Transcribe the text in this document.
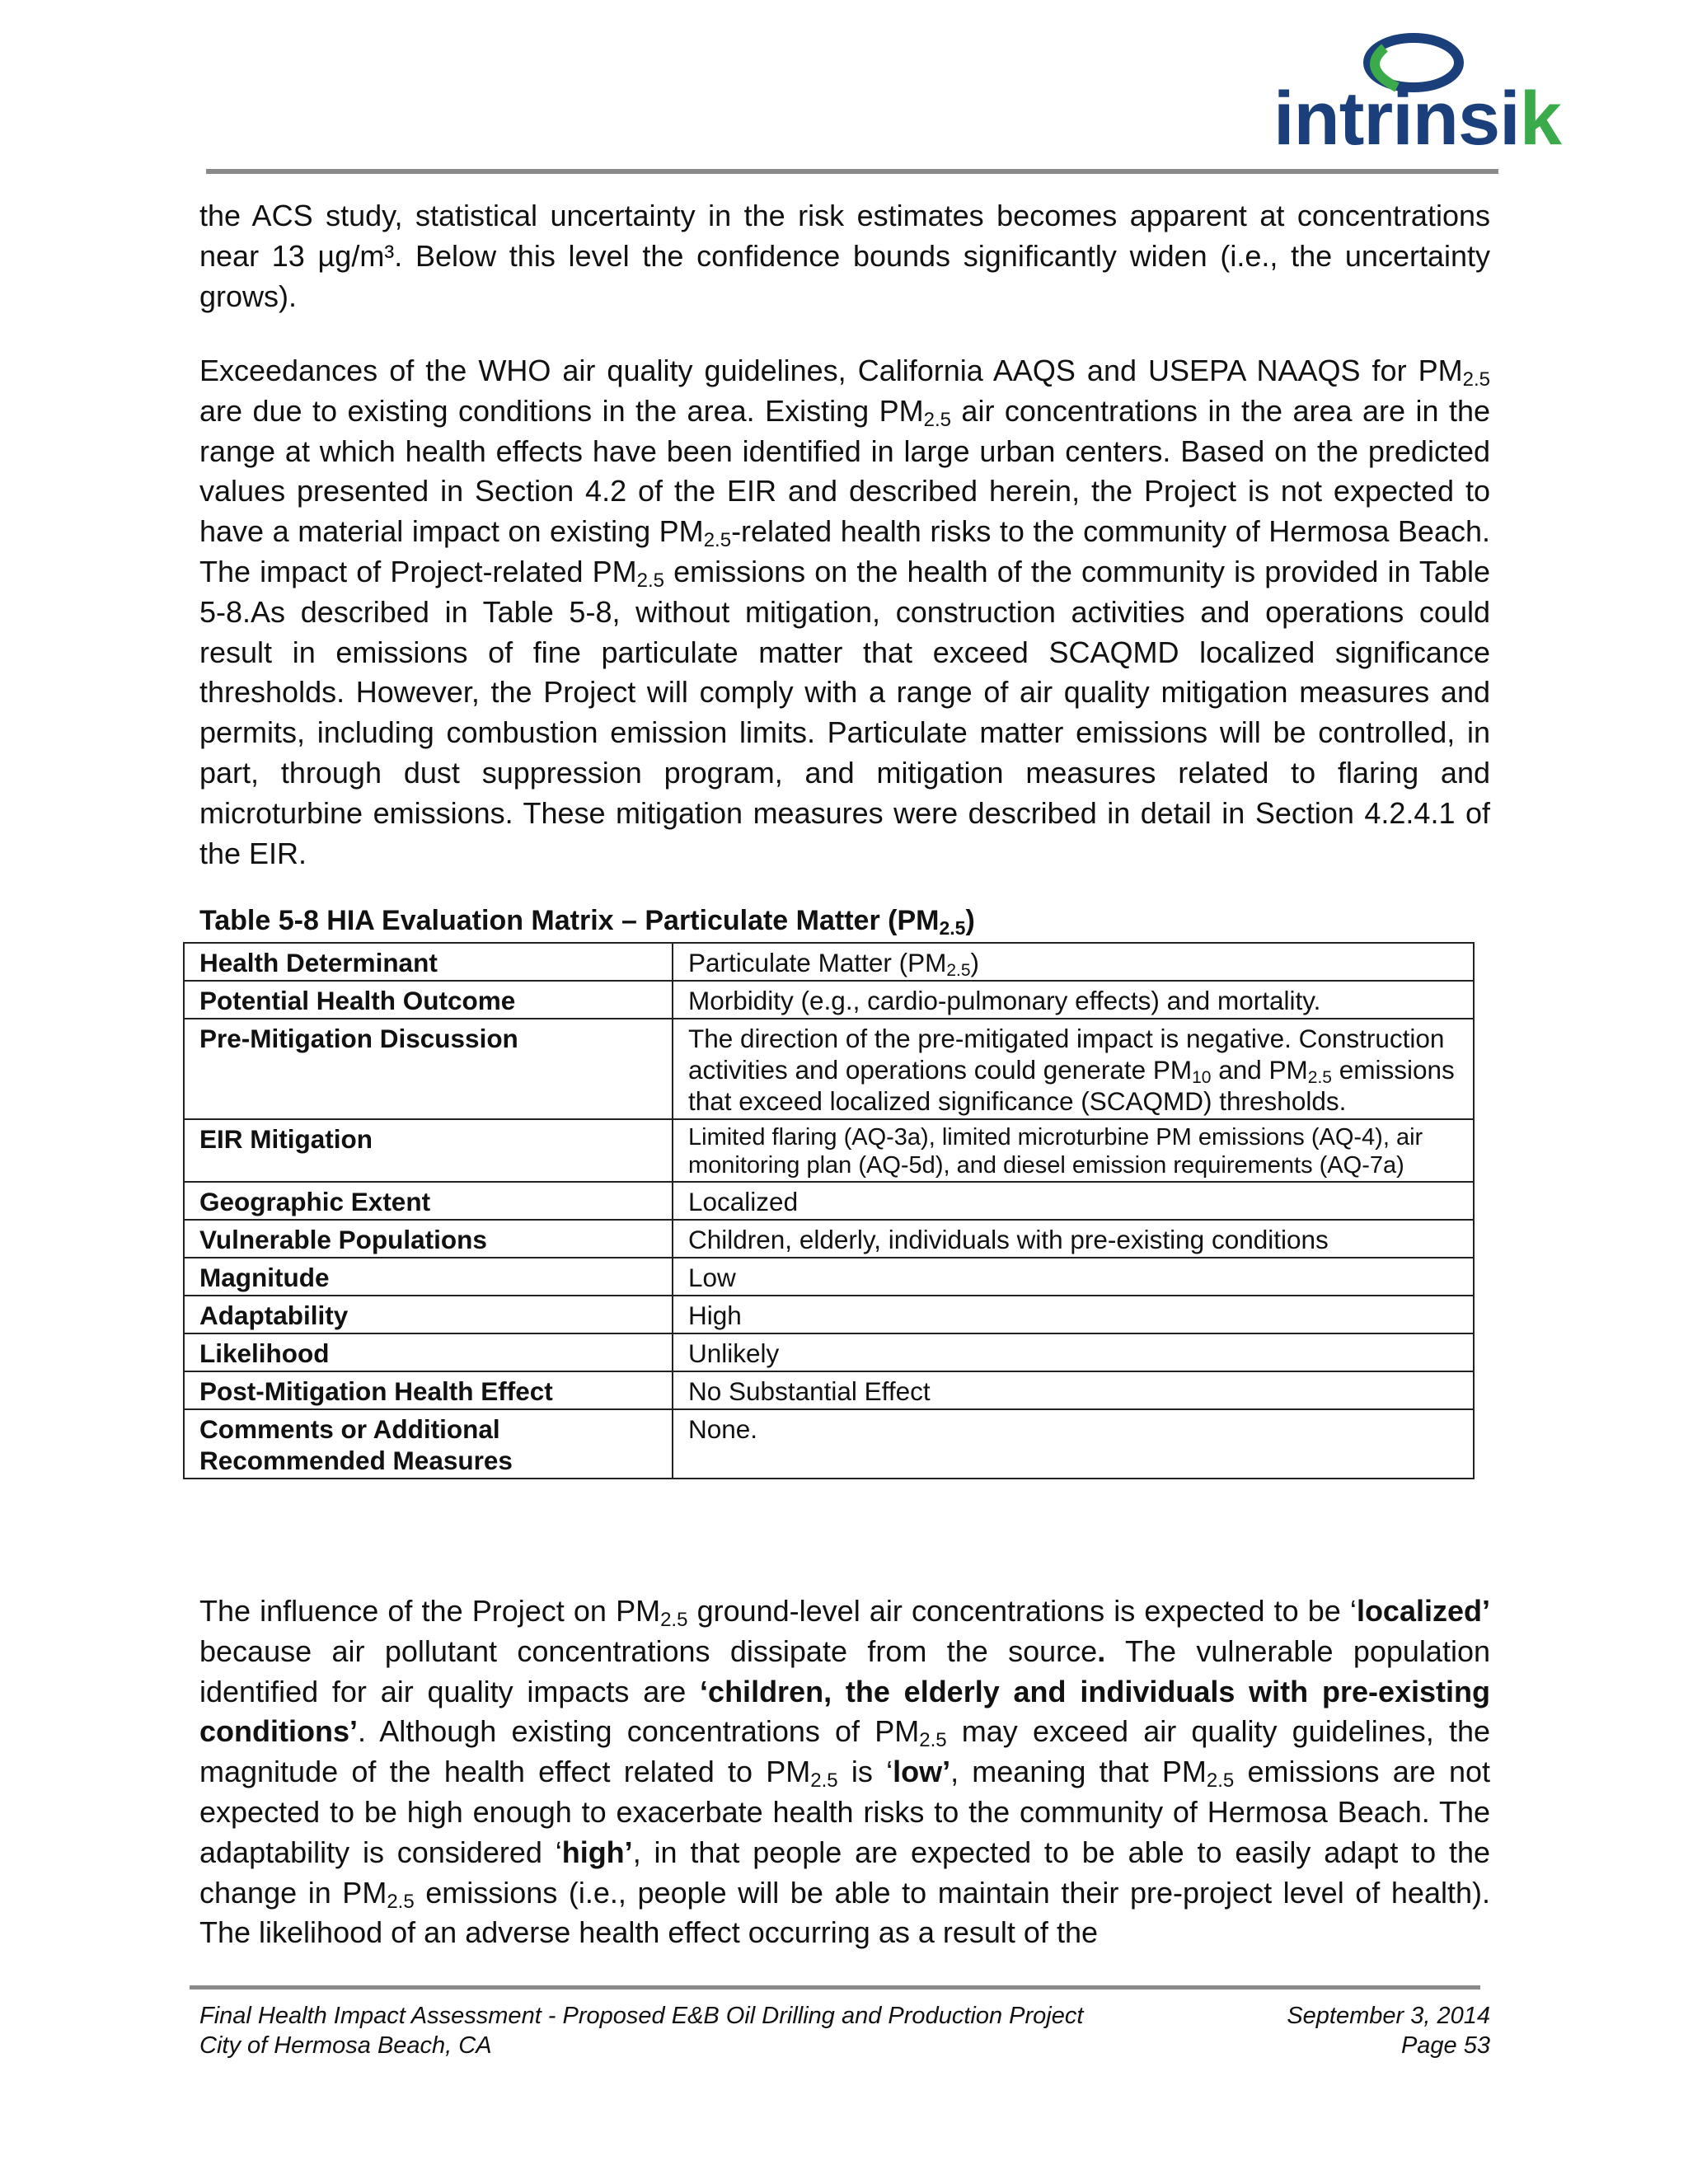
intrinsik
the ACS study, statistical uncertainty in the risk estimates becomes apparent at concentrations near 13 µg/m³. Below this level the confidence bounds significantly widen (i.e., the uncertainty grows).
Exceedances of the WHO air quality guidelines, California AAQS and USEPA NAAQS for $PM_{2.5}$ are due to existing conditions in the area. Existing $PM_{2.5}$ air concentrations in the area are in the range at which health effects have been identified in large urban centers. Based on the predicted values presented in Section 4.2 of the EIR and described herein, the Project is not expected to have a material impact on existing $PM_{2.5}$-related health risks to the community of Hermosa Beach. The impact of Project-related $PM_{2.5}$ emissions on the health of the community is provided in Table 5-8.As described in Table 5-8, without mitigation, construction activities and operations could result in emissions of fine particulate matter that exceed SCAQMD localized significance thresholds. However, the Project will comply with a range of air quality mitigation measures and permits, including combustion emission limits. Particulate matter emissions will be controlled, in part, through dust suppression program, and mitigation measures related to flaring and microturbine emissions. These mitigation measures were described in detail in Section 4.2.4.1 of the EIR.
Table 5-8 HIA Evaluation Matrix – Particulate Matter $(PM_{2.5})$
Health Determinant	Particulate Matter $(PM_{2.5})$
Potential Health Outcome	Morbidity (e.g., cardio-pulmonary effects) and mortality.
Pre-Mitigation Discussion	The direction of the pre-mitigated impact is negative. Construction activities and operations could generate $PM_{10}$ and $PM_{2.5}$ emissions that exceed localized significance (SCAQMD) thresholds.
EIR Mitigation	Limited flaring (AQ-3a), limited microturbine PM emissions (AQ-4), air monitoring plan (AQ-5d), and diesel emission requirements (AQ-7a)
Geographic Extent	Localized
Vulnerable Populations	Children, elderly, individuals with pre-existing conditions
Magnitude	Low
Adaptability	High
Likelihood	Unlikely
Post-Mitigation Health Effect	No Substantial Effect
Comments or Additional Recommended Measures	None.
The influence of the Project on $PM_{2.5}$ ground-level air concentrations is expected to be ‘localized’ because air pollutant concentrations dissipate from the source. The vulnerable population identified for air quality impacts are ‘children, the elderly and individuals with pre-existing conditions’. Although existing concentrations of $PM_{2.5}$ may exceed air quality guidelines, the magnitude of the health effect related to $PM_{2.5}$ is ‘low’, meaning that $PM_{2.5}$ emissions are not expected to be high enough to exacerbate health risks to the community of Hermosa Beach. The adaptability is considered ‘high’, in that people are expected to be able to easily adapt to the change in $PM_{2.5}$ emissions (i.e., people will be able to maintain their pre-project level of health). The likelihood of an adverse health effect occurring as a result of the
Final Health Impact Assessment - Proposed E&B Oil Drilling and Production Project
City of Hermosa Beach, CA
September 3, 2014
Page 53
